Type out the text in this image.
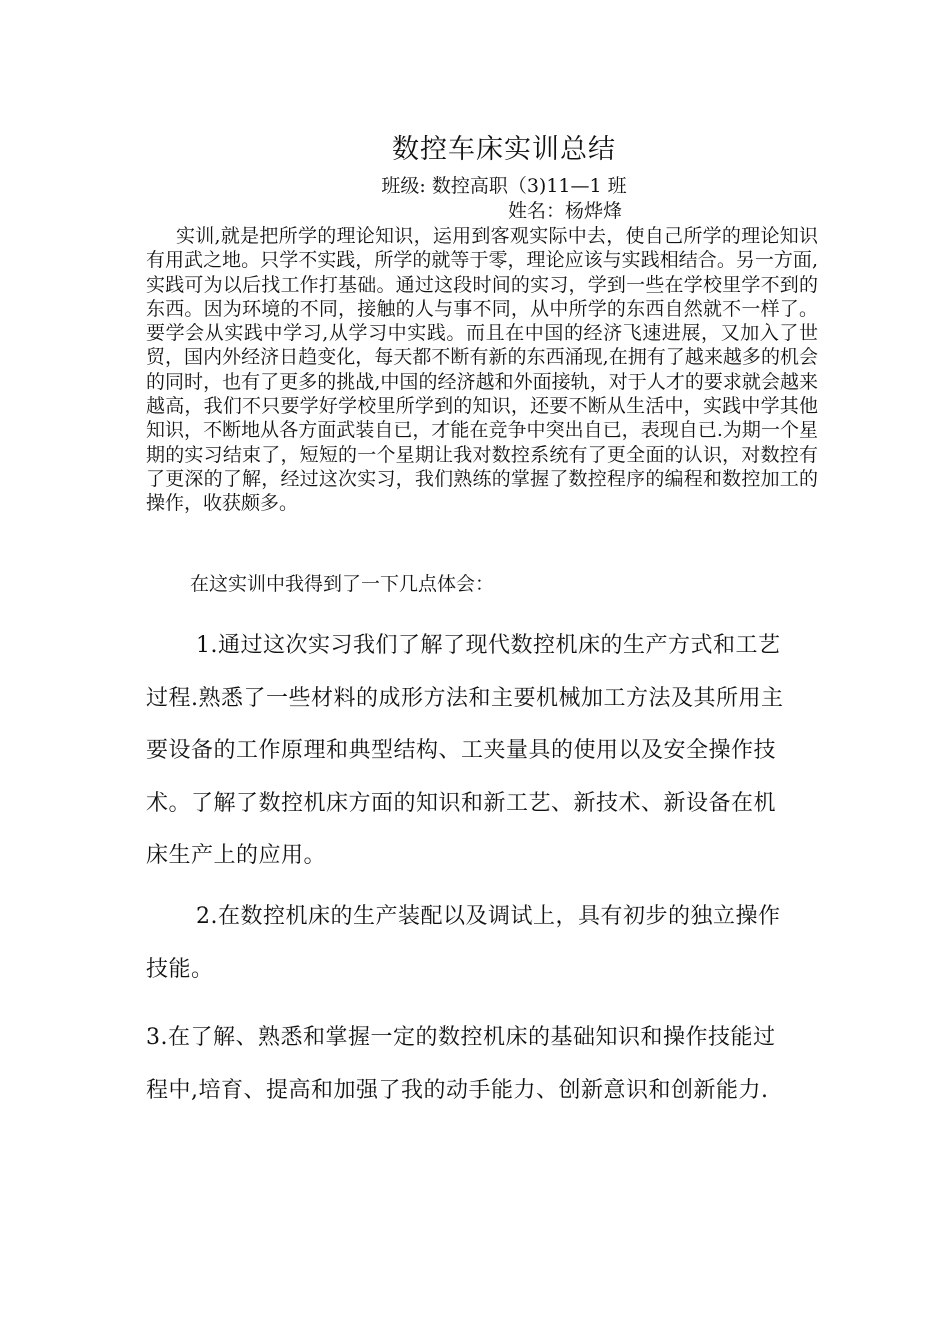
数控车床实训总结
班级: 数控高职（3)11—1 班
姓名：杨烨烽

实训,就是把所学的理论知识，运用到客观实际中去，使自己所学的理论知识有用武之地。只学不实践，所学的就等于零，理论应该与实践相结合。另一方面,实践可为以后找工作打基础。通过这段时间的实习，学到一些在学校里学不到的东西。因为环境的不同，接触的人与事不同，从中所学的东西自然就不一样了。要学会从实践中学习,从学习中实践。而且在中国的经济飞速进展，又加入了世贸，国内外经济日趋变化，每天都不断有新的东西涌现,在拥有了越来越多的机会的同时，也有了更多的挑战,中国的经济越和外面接轨，对于人才的要求就会越来越高，我们不只要学好学校里所学到的知识，还要不断从生活中，实践中学其他知识，不断地从各方面武装自已，才能在竞争中突出自已，表现自已.为期一个星期的实习结束了，短短的一个星期让我对数控系统有了更全面的认识，对数控有了更深的了解，经过这次实习，我们熟练的掌握了数控程序的编程和数控加工的操作，收获颇多。

在这实训中我得到了一下几点体会：

1.通过这次实习我们了解了现代数控机床的生产方式和工艺过程.熟悉了一些材料的成形方法和主要机械加工方法及其所用主要设备的工作原理和典型结构、工夹量具的使用以及安全操作技术。了解了数控机床方面的知识和新工艺、新技术、新设备在机床生产上的应用。

2.在数控机床的生产装配以及调试上，具有初步的独立操作技能。

3.在了解、熟悉和掌握一定的数控机床的基础知识和操作技能过程中,培育、提高和加强了我的动手能力、创新意识和创新能力.
